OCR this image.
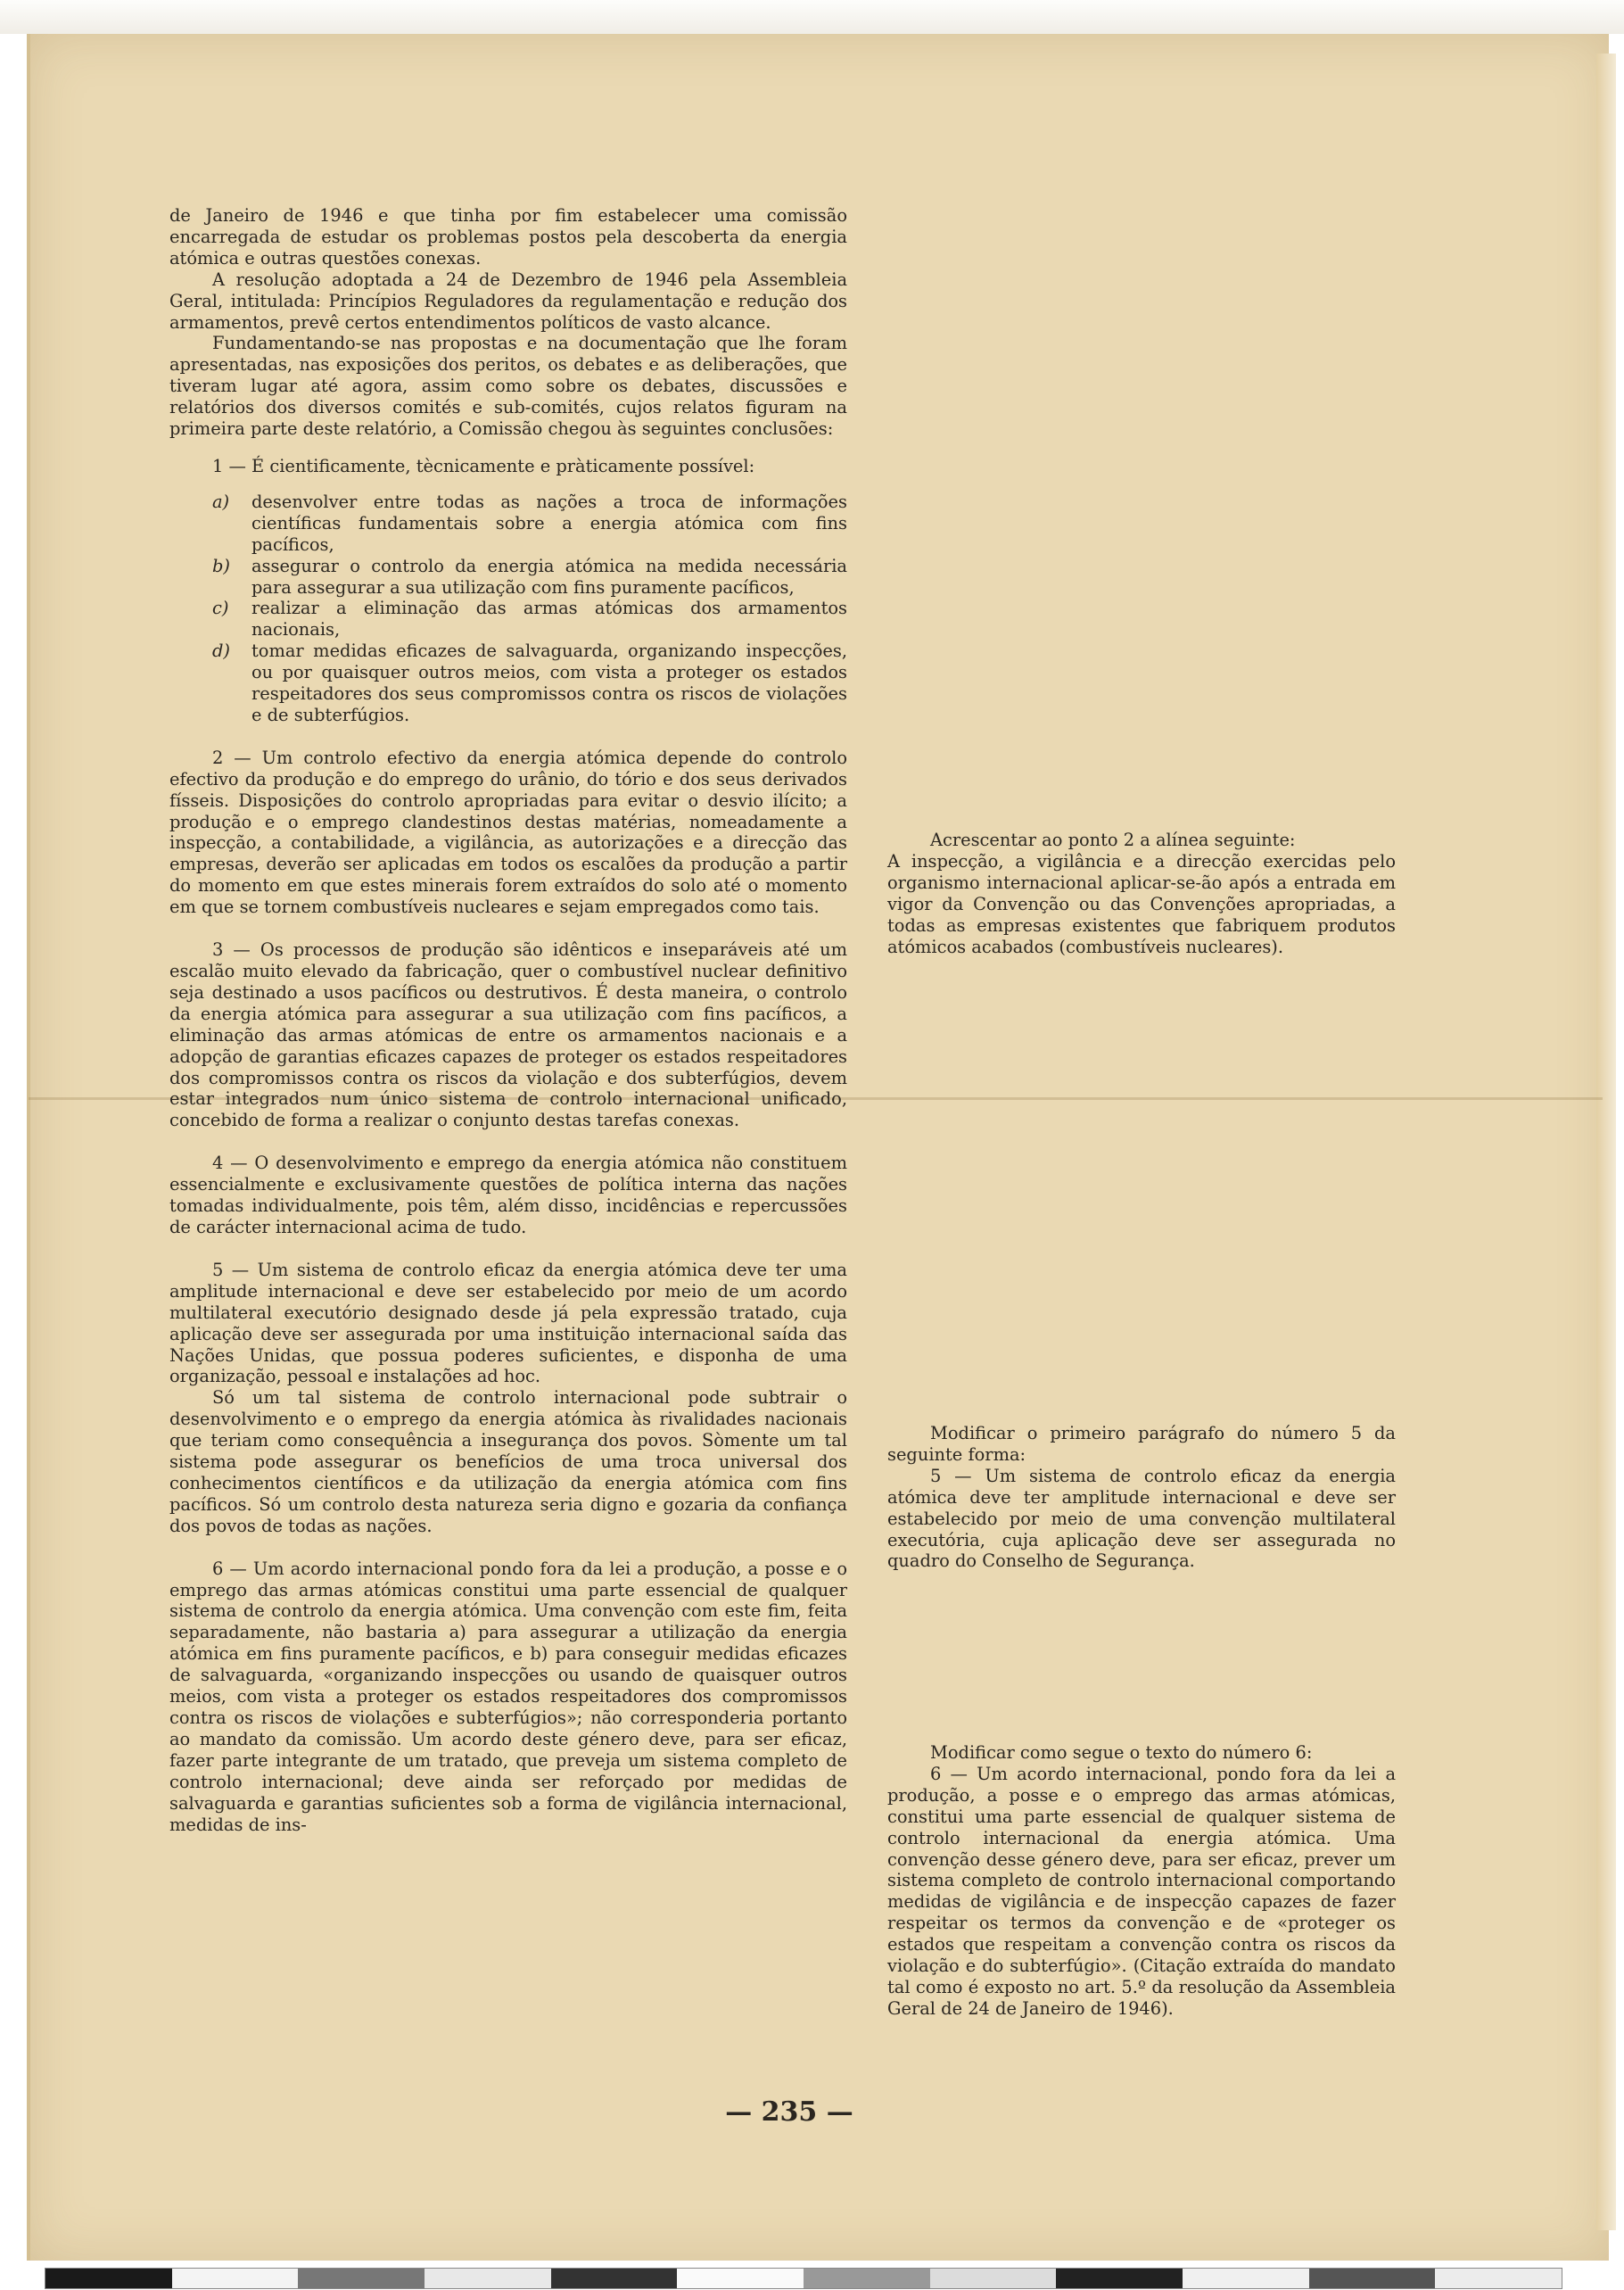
de Janeiro de 1946 e que tinha por fim estabelecer uma comissão encarregada de estudar os problemas postos pela descoberta da energia atómica e outras questões conexas.

A resolução adoptada a 24 de Dezembro de 1946 pela Assembleia Geral, intitulada: Princípios Reguladores da regulamentação e redução dos armamentos, prevê certos entendimentos políticos de vasto alcance.

Fundamentando-se nas propostas e na documentação que lhe foram apresentadas, nas exposições dos peritos, os debates e as deliberações, que tiveram lugar até agora, assim como sobre os debates, discussões e relatórios dos diversos comités e sub-comités, cujos relatos figuram na primeira parte deste relatório, a Comissão chegou às seguintes conclusões:

1 — É cientificamente, tècnicamente e pràticamente possível:

a)	desenvolver entre todas as nações a troca de informações científicas fundamentais sobre a energia atómica com fins pacíficos,
b)	assegurar o controlo da energia atómica na medida necessária para assegurar a sua utilização com fins puramente pacíficos,
c)	realizar a eliminação das armas atómicas dos armamentos nacionais,
d)	tomar medidas eficazes de salvaguarda, organizando inspecções, ou por quaisquer outros meios, com vista a proteger os estados respeitadores dos seus compromissos contra os riscos de violações e de subterfúgios.

2 — Um controlo efectivo da energia atómica depende do controlo efectivo da produção e do emprego do urânio, do tório e dos seus derivados físseis. Disposições do controlo apropriadas para evitar o desvio ilícito; a produção e o emprego clandestinos destas matérias, nomeadamente a inspecção, a contabilidade, a vigilância, as autorizações e a direcção das empresas, deverão ser aplicadas em todos os escalões da produção a partir do momento em que estes minerais forem extraídos do solo até o momento em que se tornem combustíveis nucleares e sejam empregados como tais.

3 — Os processos de produção são idênticos e inseparáveis até um escalão muito elevado da fabricação, quer o combustível nuclear definitivo seja destinado a usos pacíficos ou destrutivos. É desta maneira, o controlo da energia atómica para assegurar a sua utilização com fins pacíficos, a eliminação das armas atómicas de entre os armamentos nacionais e a adopção de garantias eficazes capazes de proteger os estados respeitadores dos compromissos contra os riscos da violação e dos subterfúgios, devem estar integrados num único sistema de controlo internacional unificado, concebido de forma a realizar o conjunto destas tarefas conexas.

4 — O desenvolvimento e emprego da energia atómica não constituem essencialmente e exclusivamente questões de política interna das nações tomadas individualmente, pois têm, além disso, incidências e repercussões de carácter internacional acima de tudo.

5 — Um sistema de controlo eficaz da energia atómica deve ter uma amplitude internacional e deve ser estabelecido por meio de um acordo multilateral executório designado desde já pela expressão tratado, cuja aplicação deve ser assegurada por uma instituição internacional saída das Nações Unidas, que possua poderes suficientes, e disponha de uma organização, pessoal e instalações ad hoc.

Só um tal sistema de controlo internacional pode subtrair o desenvolvimento e o emprego da energia atómica às rivalidades nacionais que teriam como consequência a insegurança dos povos. Sòmente um tal sistema pode assegurar os benefícios de uma troca universal dos conhecimentos científicos e da utilização da energia atómica com fins pacíficos. Só um controlo desta natureza seria digno e gozaria da confiança dos povos de todas as nações.

6 — Um acordo internacional pondo fora da lei a produção, a posse e o emprego das armas atómicas constitui uma parte essencial de qualquer sistema de controlo da energia atómica. Uma convenção com este fim, feita separadamente, não bastaria a) para assegurar a utilização da energia atómica em fins puramente pacíficos, e b) para conseguir medidas eficazes de salvaguarda, «organizando inspecções ou usando de quaisquer outros meios, com vista a proteger os estados respeitadores dos compromissos contra os riscos de violações e subterfúgios»; não corresponderia portanto ao mandato da comissão. Um acordo deste género deve, para ser eficaz, fazer parte integrante de um tratado, que preveja um sistema completo de controlo internacional; deve ainda ser reforçado por medidas de salvaguarda e garantias suficientes sob a forma de vigilância internacional, medidas de ins-

Acrescentar ao ponto 2 a alínea seguinte:

A inspecção, a vigilância e a direcção exercidas pelo organismo internacional aplicar-se-ão após a entrada em vigor da Convenção ou das Convenções apropriadas, a todas as empresas existentes que fabriquem produtos atómicos acabados (combustíveis nucleares).

Modificar o primeiro parágrafo do número 5 da seguinte forma:

5 — Um sistema de controlo eficaz da energia atómica deve ter amplitude internacional e deve ser estabelecido por meio de uma convenção multilateral executória, cuja aplicação deve ser assegurada no quadro do Conselho de Segurança.

Modificar como segue o texto do número 6:

6 — Um acordo internacional, pondo fora da lei a produção, a posse e o emprego das armas atómicas, constitui uma parte essencial de qualquer sistema de controlo internacional da energia atómica. Uma convenção desse género deve, para ser eficaz, prever um sistema completo de controlo internacional comportando medidas de vigilância e de inspecção capazes de fazer respeitar os termos da convenção e de «proteger os estados que respeitam a convenção contra os riscos da violação e do subterfúgio». (Citação extraída do mandato tal como é exposto no art. 5.º da resolução da Assembleia Geral de 24 de Janeiro de 1946).

— 235 —
